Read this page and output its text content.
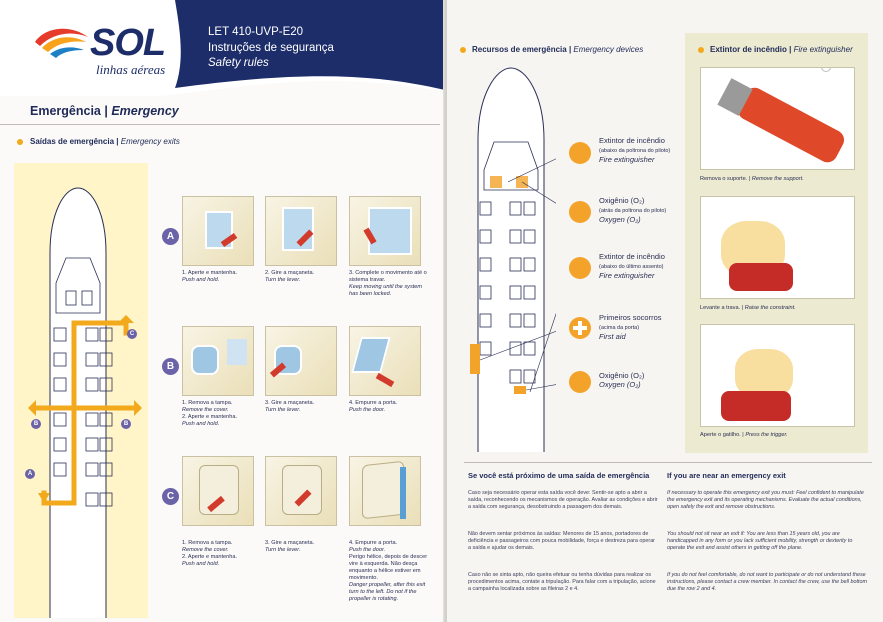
SOL
linhas aéreas
LET 410-UVP-E20
Instruções de segurança
Safety rules
Emergência | Emergency
Saídas de emergência | Emergency exits
C
B	B
A
A
1. Aperte e mantenha.
Push and hold.
2. Gire a maçaneta.
Turn the lever.
3. Complete o movimento até o sistema travar.
Keep moving until the system has been locked.
B
1. Remova a tampa.
Remove the cover.
2. Aperte e mantenha.
Push and hold.
3. Gire a maçaneta.
Turn the lever.
4. Empurre a porta.
Push the door.
C
1. Remova a tampa.
Remove the cover.
2. Aperte e mantenha.
Push and hold.
3. Gire a maçaneta.
Turn the lever.
4. Empurre a porta.
Push the door.
Perigo hélice, depois de descer vire à esquerda. Não desça enquanto a hélice estiver em movimento.
Danger propeller, after this exit turn to the left. Do not if the propeller is rotating.
Recursos de emergência | Emergency devices
Extintor de incêndio
(abaixo da poltrona do piloto)
Fire extinguisher
Oxigênio (O₂)
(atrás da poltrona do piloto)
Oxygen (O₂)
Extintor de incêndio
(abaixo do último assento)
Fire extinguisher
Primeiros socorros
(acima da porta)
First aid
Oxigênio (O₂)
Oxygen (O₂)
Extintor de incêndio | Fire extinguisher
Remova o suporte. | Remove the support.
Levante a trava. | Raise the constraint.
Aperte o gatilho. | Press the trigger.
Se você está próximo de uma saída de emergência If you are near an emergency exit
Caso seja necessário operar esta saída você deve: Sentir-se apto a abrir a saída, reconhecendo os mecanismos de operação. Avaliar as condições e abrir a saída com segurança, desobstruindo a passagem dos demais.
If necessary to operate this emergency exit you must: Feel confident to manipulate the emergency exit and its operating mechanisms. Evaluate the actual conditions, open safely the exit and remove obstructions.
Não devem sentar próximos às saídas: Menores de 15 anos, portadores de deficiência e passageiros com pouca mobilidade, força e destreza para operar a saída e ajudar os demais.
You should not sit near an exit if: You are less than 15 years old, you are handicapped in any form or you lack sufficient mobility, strength or dexterity to operate the exit and assist others in getting off the plane.
Caso não se sinta apto, não queira efetuar ou tenha dúvidas para realizar os procedimentos acima, contate a tripulação. Para falar com a tripulação, acione a campainha localizada sobre as fileiras 2 e 4.
If you do not feel comfortable, do not want to participate or do not understand these instructions, please contact a crew member. In contact the crew, use the bell bottom due the row 2 and 4.
